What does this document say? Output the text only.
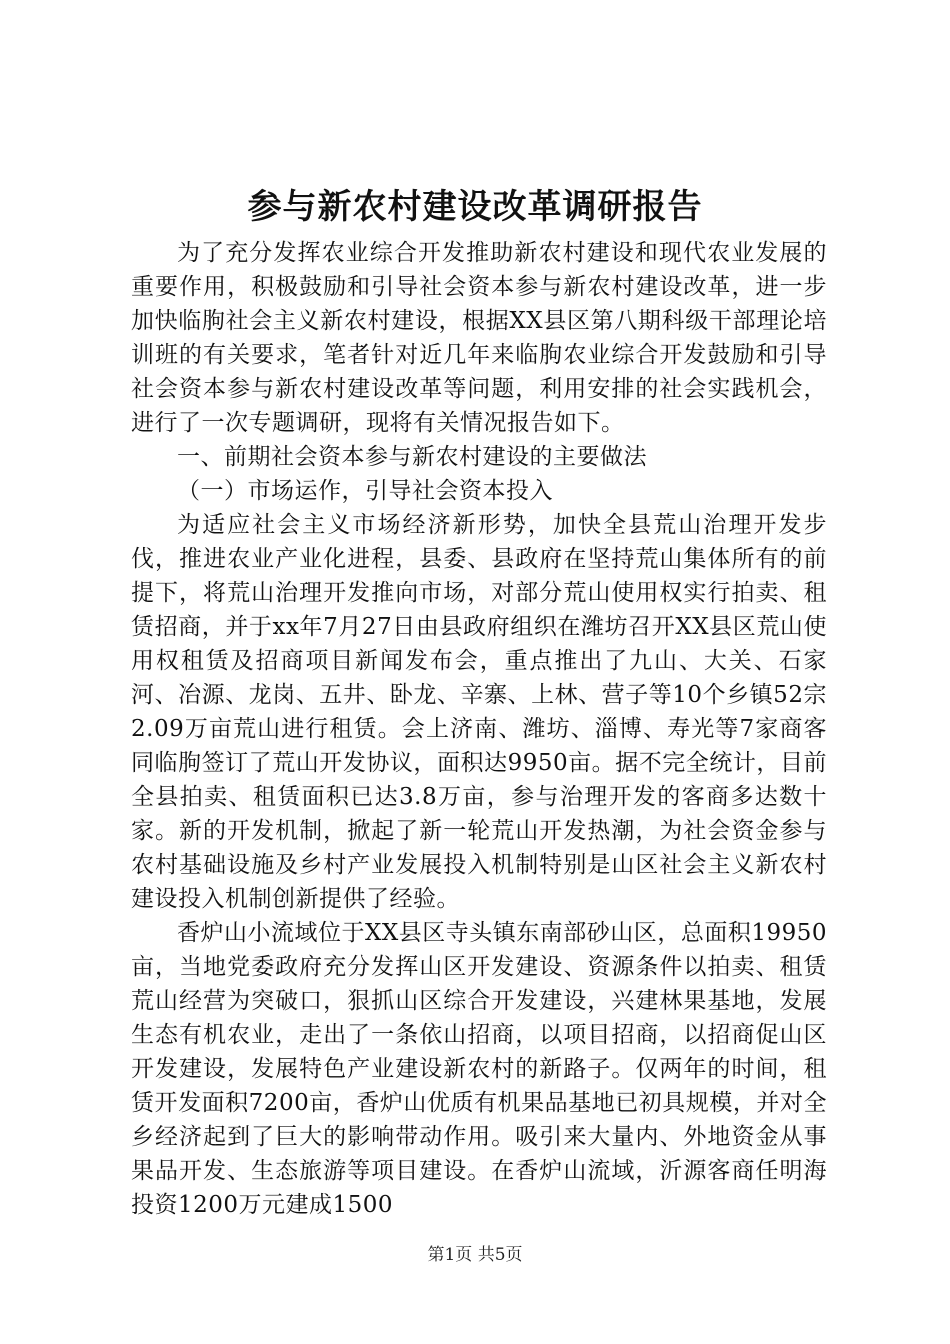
参与新农村建设改革调研报告

为了充分发挥农业综合开发推助新农村建设和现代农业发展的重要作用，积极鼓励和引导社会资本参与新农村建设改革，进一步加快临朐社会主义新农村建设，根据XX县区第八期科级干部理论培训班的有关要求，笔者针对近几年来临朐农业综合开发鼓励和引导社会资本参与新农村建设改革等问题，利用安排的社会实践机会，进行了一次专题调研，现将有关情况报告如下。

一、前期社会资本参与新农村建设的主要做法

（一）市场运作，引导社会资本投入

为适应社会主义市场经济新形势，加快全县荒山治理开发步伐，推进农业产业化进程，县委、县政府在坚持荒山集体所有的前提下，将荒山治理开发推向市场，对部分荒山使用权实行拍卖、租赁招商，并于xx年7月27日由县政府组织在潍坊召开XX县区荒山使用权租赁及招商项目新闻发布会，重点推出了九山、大关、石家河、冶源、龙岗、五井、卧龙、辛寨、上林、营子等10个乡镇52宗2.09万亩荒山进行租赁。会上济南、潍坊、淄博、寿光等7家商客同临朐签订了荒山开发协议，面积达9950亩。据不完全统计，目前全县拍卖、租赁面积已达3.8万亩，参与治理开发的客商多达数十家。新的开发机制，掀起了新一轮荒山开发热潮，为社会资金参与农村基础设施及乡村产业发展投入机制特别是山区社会主义新农村建设投入机制创新提供了经验。

香炉山小流域位于XX县区寺头镇东南部砂山区，总面积19950亩，当地党委政府充分发挥山区开发建设、资源条件以拍卖、租赁荒山经营为突破口，狠抓山区综合开发建设，兴建林果基地，发展生态有机农业，走出了一条依山招商，以项目招商，以招商促山区开发建设，发展特色产业建设新农村的新路子。仅两年的时间，租赁开发面积7200亩，香炉山优质有机果品基地已初具规模，并对全乡经济起到了巨大的影响带动作用。吸引来大量内、外地资金从事果品开发、生态旅游等项目建设。在香炉山流域，沂源客商任明海投资1200万元建成1500

第1页 共5页
